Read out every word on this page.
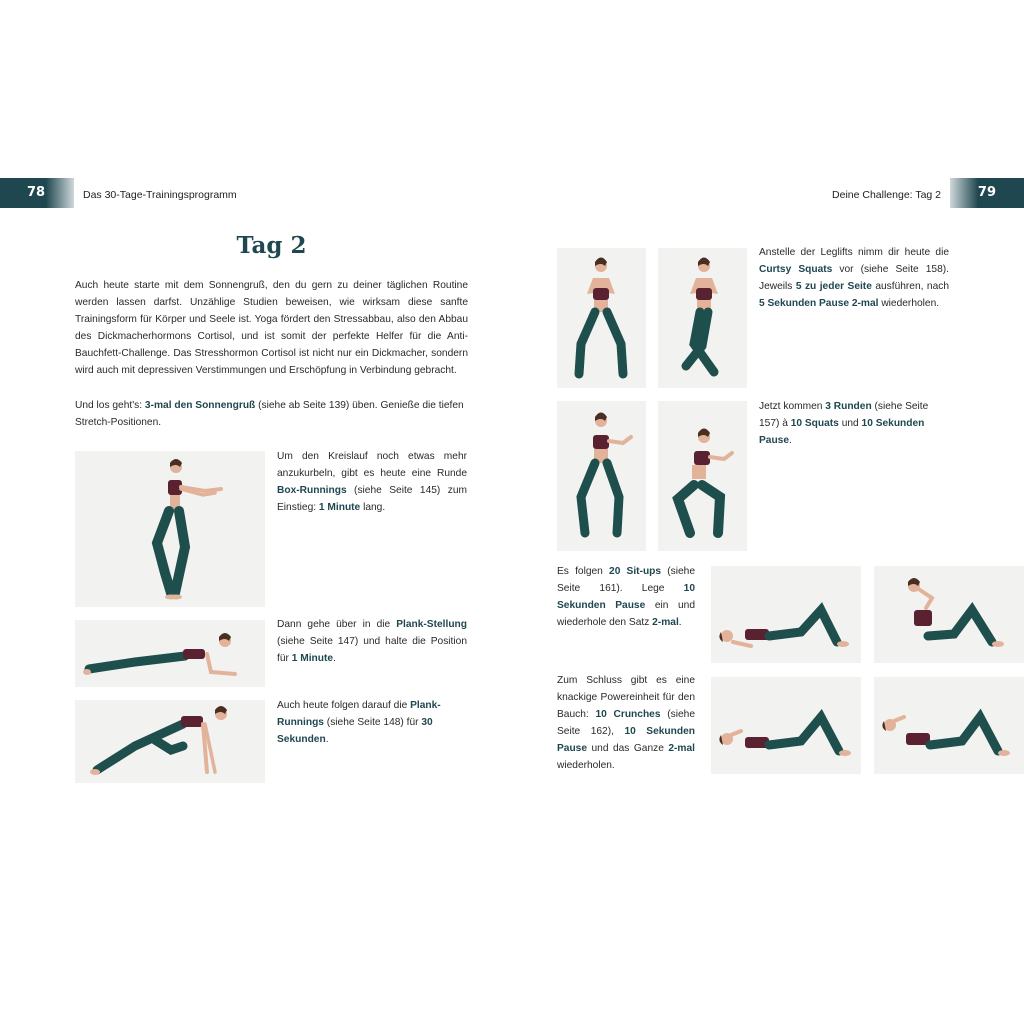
78	Das 30-Tage-Trainingsprogramm	Deine Challenge: Tag 2	79
Tag 2

Auch heute starte mit dem Sonnengruß, den du gern zu deiner täglichen Routine werden lassen darfst. Unzählige Studien beweisen, wie wirksam diese sanfte Trainingsform für Körper und Seele ist. Yoga fördert den Stressabbau, also den Abbau des Dickmacherhormons Cortisol, und ist somit der perfekte Helfer für die Anti-Bauchfett-Challenge. Das Stresshormon Cortisol ist nicht nur ein Dickmacher, sondern wird auch mit depressiven Verstimmungen und Erschöpfung in Verbindung gebracht.

Und los geht's: 3-mal den Sonnengruß (siehe ab Seite 139) üben. Genieße die tiefen Stretch-Positionen.

Um den Kreislauf noch etwas mehr anzukurbeln, gibt es heute eine Runde Box-Runnings (siehe Seite 145) zum Einstieg: 1 Minute lang.

Dann gehe über in die Plank-Stellung (siehe Seite 147) und halte die Position für 1 Minute.

Auch heute folgen darauf die Plank-Runnings (siehe Seite 148) für 30 Sekunden.

Anstelle der Leglifts nimm dir heute die Curtsy Squats vor (siehe Seite 158). Jeweils 5 zu jeder Seite ausführen, nach 5 Sekunden Pause 2-mal wiederholen.

Jetzt kommen 3 Runden (siehe Seite 157) à 10 Squats und 10 Sekunden Pause.

Es folgen 20 Sit-ups (siehe Seite 161). Lege 10 Sekunden Pause ein und wiederhole den Satz 2-mal.

Zum Schluss gibt es eine knackige Powereinheit für den Bauch: 10 Crunches (siehe Seite 162), 10 Sekunden Pause und das Ganze 2-mal wiederholen.
